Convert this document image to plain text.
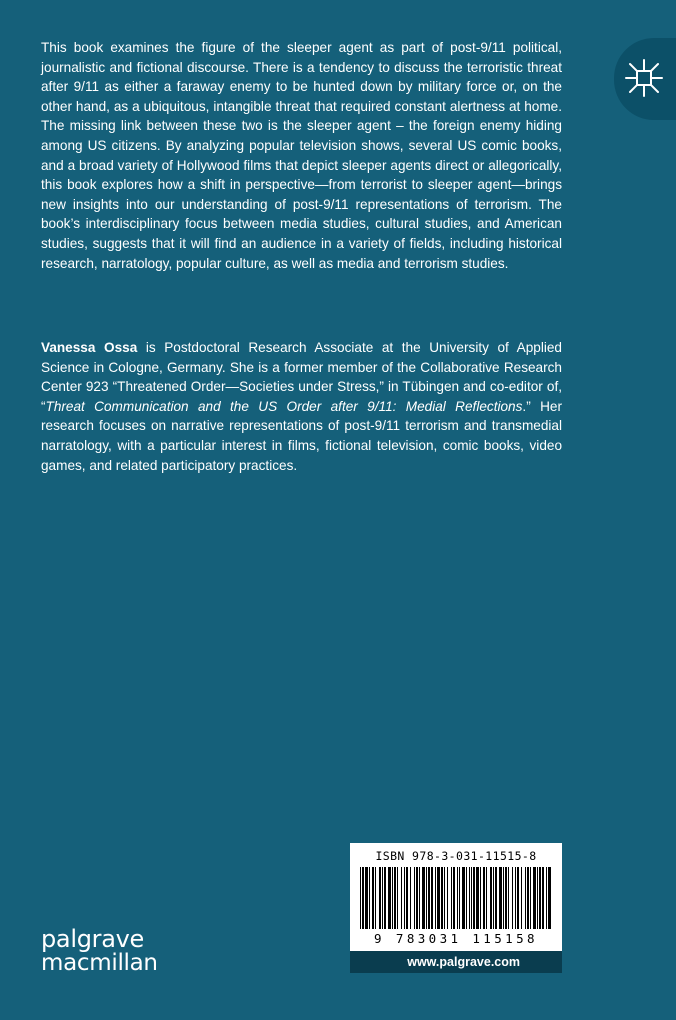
This book examines the figure of the sleeper agent as part of post-9/11 political, journalistic and fictional discourse. There is a tendency to discuss the terroristic threat after 9/11 as either a faraway enemy to be hunted down by military force or, on the other hand, as a ubiquitous, intangible threat that required constant alertness at home. The missing link between these two is the sleeper agent – the foreign enemy hiding among US citizens. By analyzing popular television shows, several US comic books, and a broad variety of Hollywood films that depict sleeper agents direct or allegorically, this book explores how a shift in perspective—from terrorist to sleeper agent—brings new insights into our understanding of post-9/11 representations of terrorism. The book’s interdisciplinary focus between media studies, cultural studies, and American studies, suggests that it will find an audience in a variety of fields, including historical research, narratology, popular culture, as well as media and terrorism studies.

Vanessa Ossa is Postdoctoral Research Associate at the University of Applied Science in Cologne, Germany. She is a former member of the Collaborative Research Center 923 “Threatened Order—Societies under Stress,” in Tübingen and co-editor of, “Threat Communication and the US Order after 9/11: Medial Reflections.” Her research focuses on narrative representations of post-9/11 terrorism and transmedial narratology, with a particular interest in films, fictional television, comic books, video games, and related participatory practices.

ISBN 978-3-031-11515-8
9 783031 115158
www.palgrave.com
palgrave
macmillan
